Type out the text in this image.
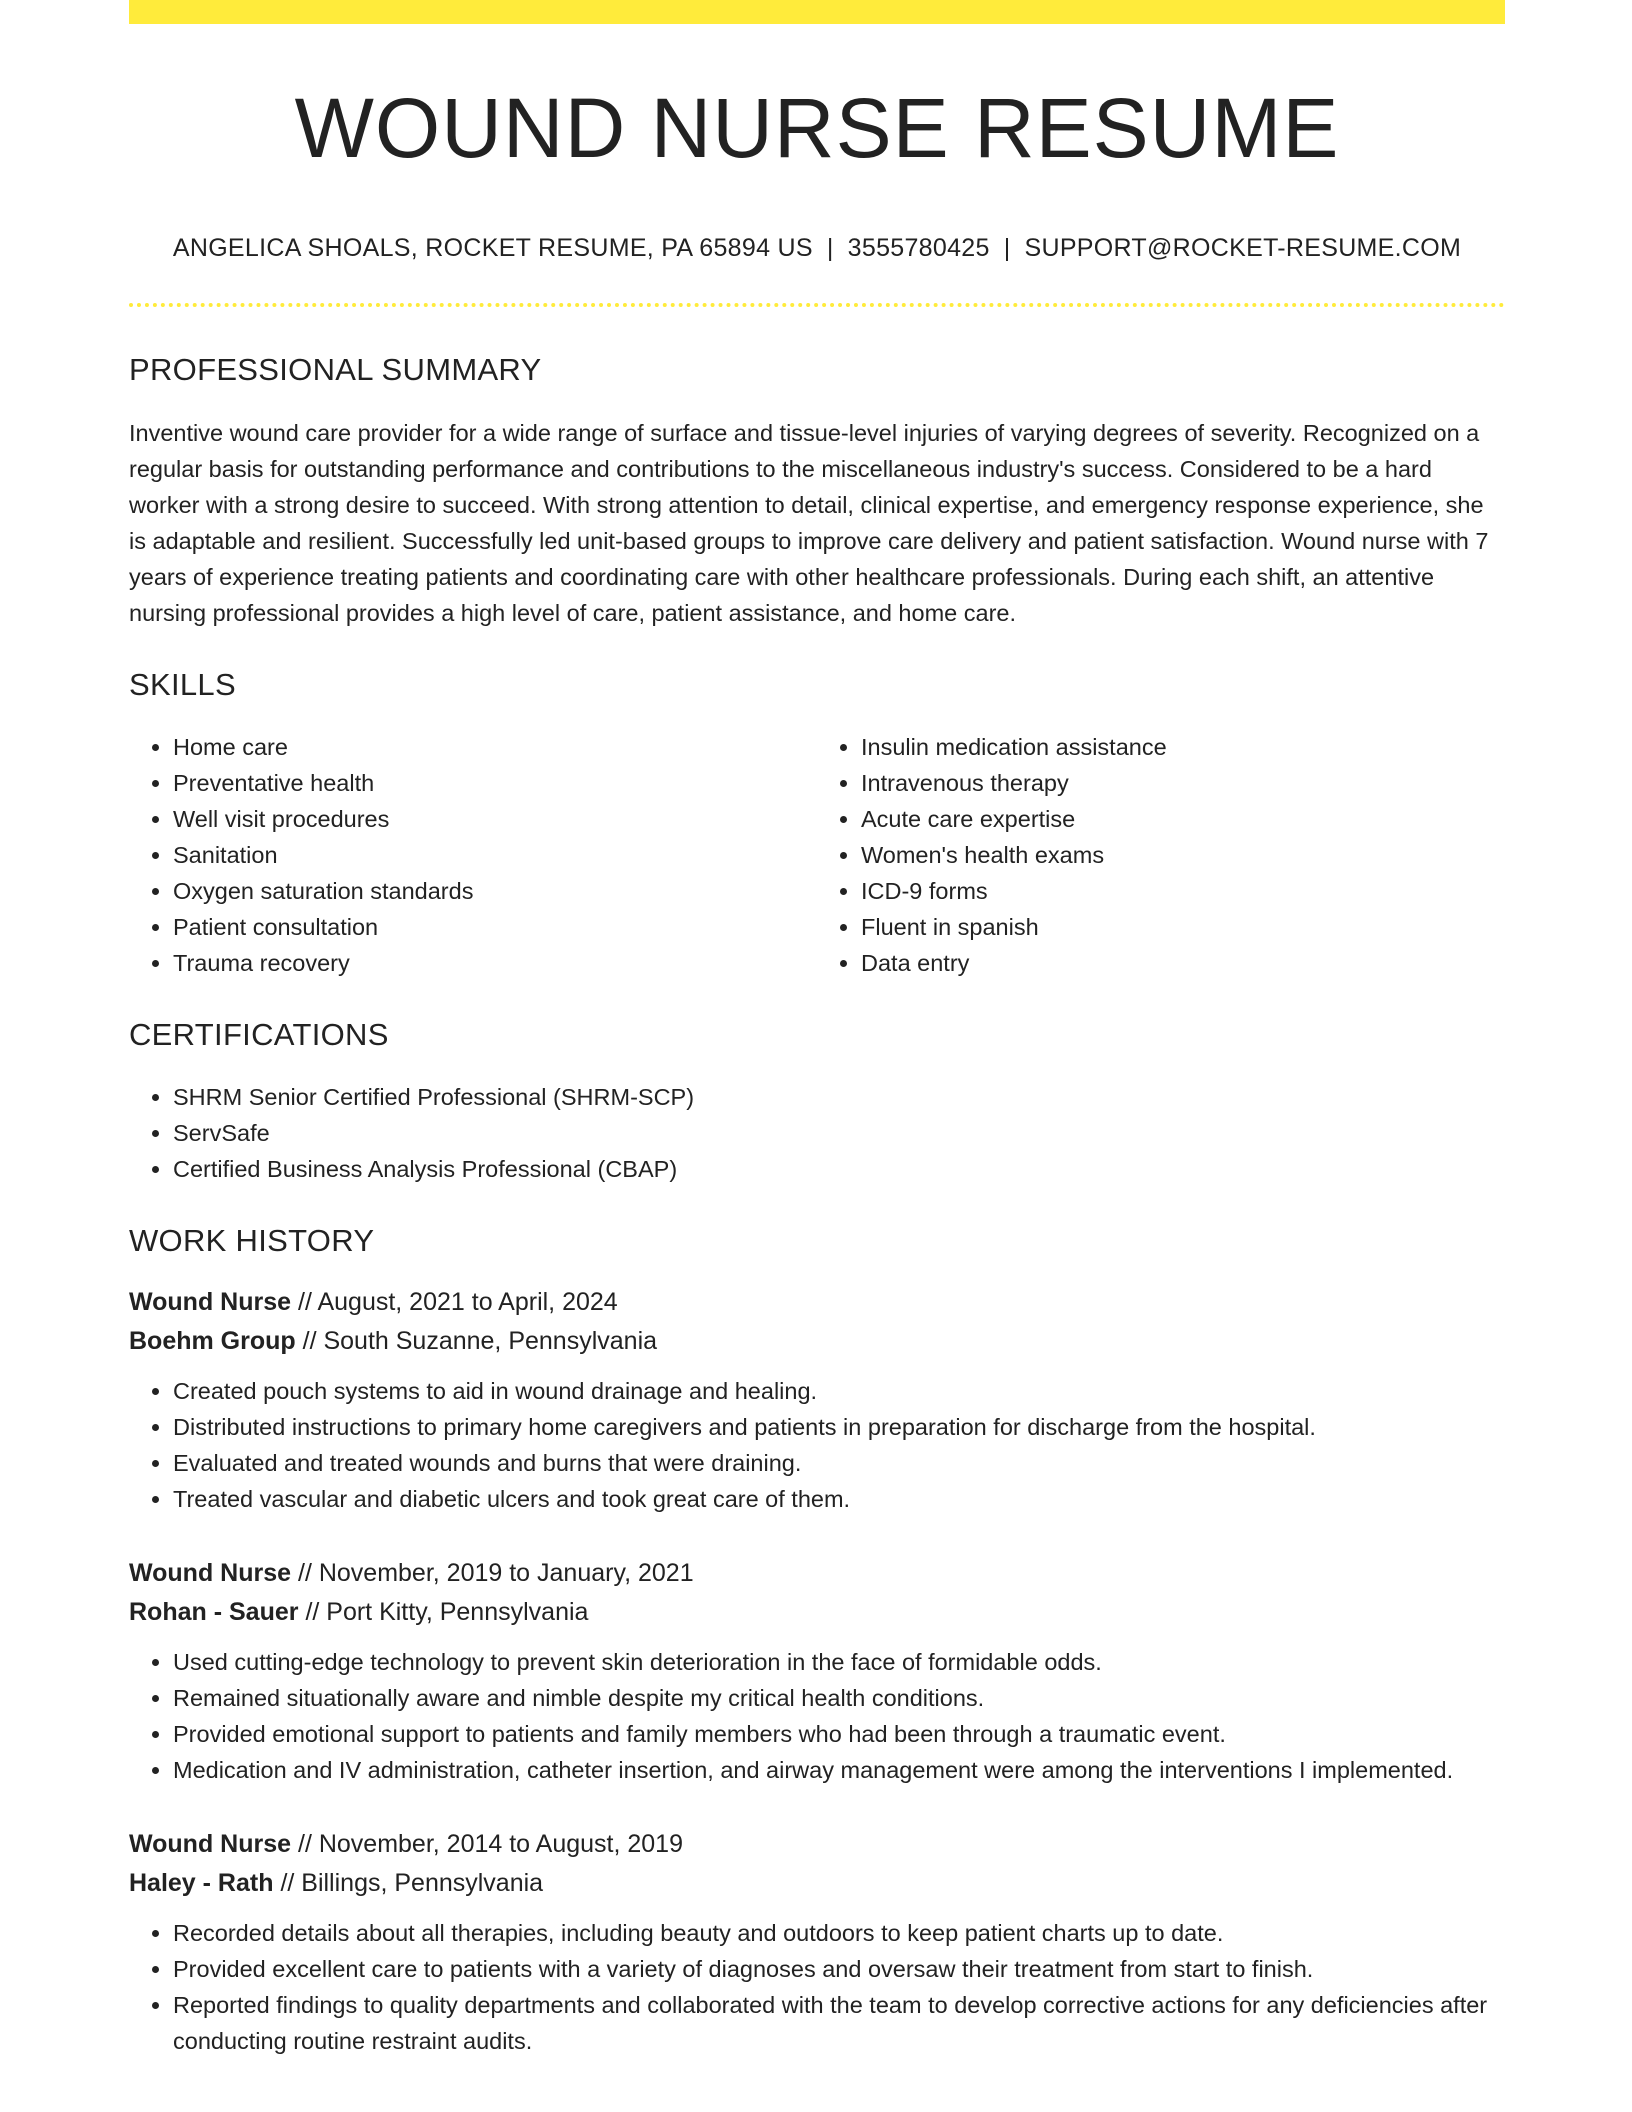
WOUND NURSE RESUME
ANGELICA SHOALS, ROCKET RESUME, PA 65894 US | 3555780425 | SUPPORT@ROCKET-RESUME.COM
PROFESSIONAL SUMMARY

Inventive wound care provider for a wide range of surface and tissue-level injuries of varying degrees of severity. Recognized on a regular basis for outstanding performance and contributions to the miscellaneous industry's success. Considered to be a hard worker with a strong desire to succeed. With strong attention to detail, clinical expertise, and emergency response experience, she is adaptable and resilient. Successfully led unit-based groups to improve care delivery and patient satisfaction. Wound nurse with 7 years of experience treating patients and coordinating care with other healthcare professionals. During each shift, an attentive nursing professional provides a high level of care, patient assistance, and home care.

SKILLS
• Home care
• Preventative health
• Well visit procedures
• Sanitation
• Oxygen saturation standards
• Patient consultation
• Trauma recovery
• Insulin medication assistance
• Intravenous therapy
• Acute care expertise
• Women's health exams
• ICD-9 forms
• Fluent in spanish
• Data entry
CERTIFICATIONS
• SHRM Senior Certified Professional (SHRM-SCP)
• ServSafe
• Certified Business Analysis Professional (CBAP)
WORK HISTORY
Wound Nurse // August, 2021 to April, 2024
Boehm Group // South Suzanne, Pennsylvania
• Created pouch systems to aid in wound drainage and healing.
• Distributed instructions to primary home caregivers and patients in preparation for discharge from the hospital.
• Evaluated and treated wounds and burns that were draining.
• Treated vascular and diabetic ulcers and took great care of them.
Wound Nurse // November, 2019 to January, 2021
Rohan - Sauer // Port Kitty, Pennsylvania
• Used cutting-edge technology to prevent skin deterioration in the face of formidable odds.
• Remained situationally aware and nimble despite my critical health conditions.
• Provided emotional support to patients and family members who had been through a traumatic event.
• Medication and IV administration, catheter insertion, and airway management were among the interventions I implemented.
Wound Nurse // November, 2014 to August, 2019
Haley - Rath // Billings, Pennsylvania
• Recorded details about all therapies, including beauty and outdoors to keep patient charts up to date.
• Provided excellent care to patients with a variety of diagnoses and oversaw their treatment from start to finish.
• Reported findings to quality departments and collaborated with the team to develop corrective actions for any deficiencies after conducting routine restraint audits.
